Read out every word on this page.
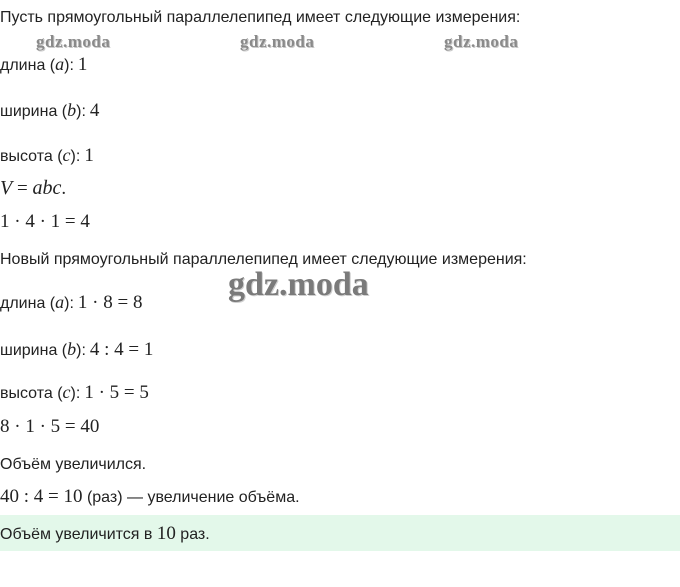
gdz.moda	gdz.moda	gdz.moda
Пусть прямоугольный параллелепипед имеет следующие измерения:
длина (a): 1
ширина (b): 4
высота (c): 1
V = abc.
1 · 4 · 1 = 4
Новый прямоугольный параллелепипед имеет следующие измерения:
gdz.moda
длина (a): 1 · 8 = 8
ширина (b): 4 : 4 = 1
высота (c): 1 · 5 = 5
8 · 1 · 5 = 40
Объём увеличился.
40 : 4 = 10 (раз) — увеличение объёма.
Объём увеличится в 10 раз.
